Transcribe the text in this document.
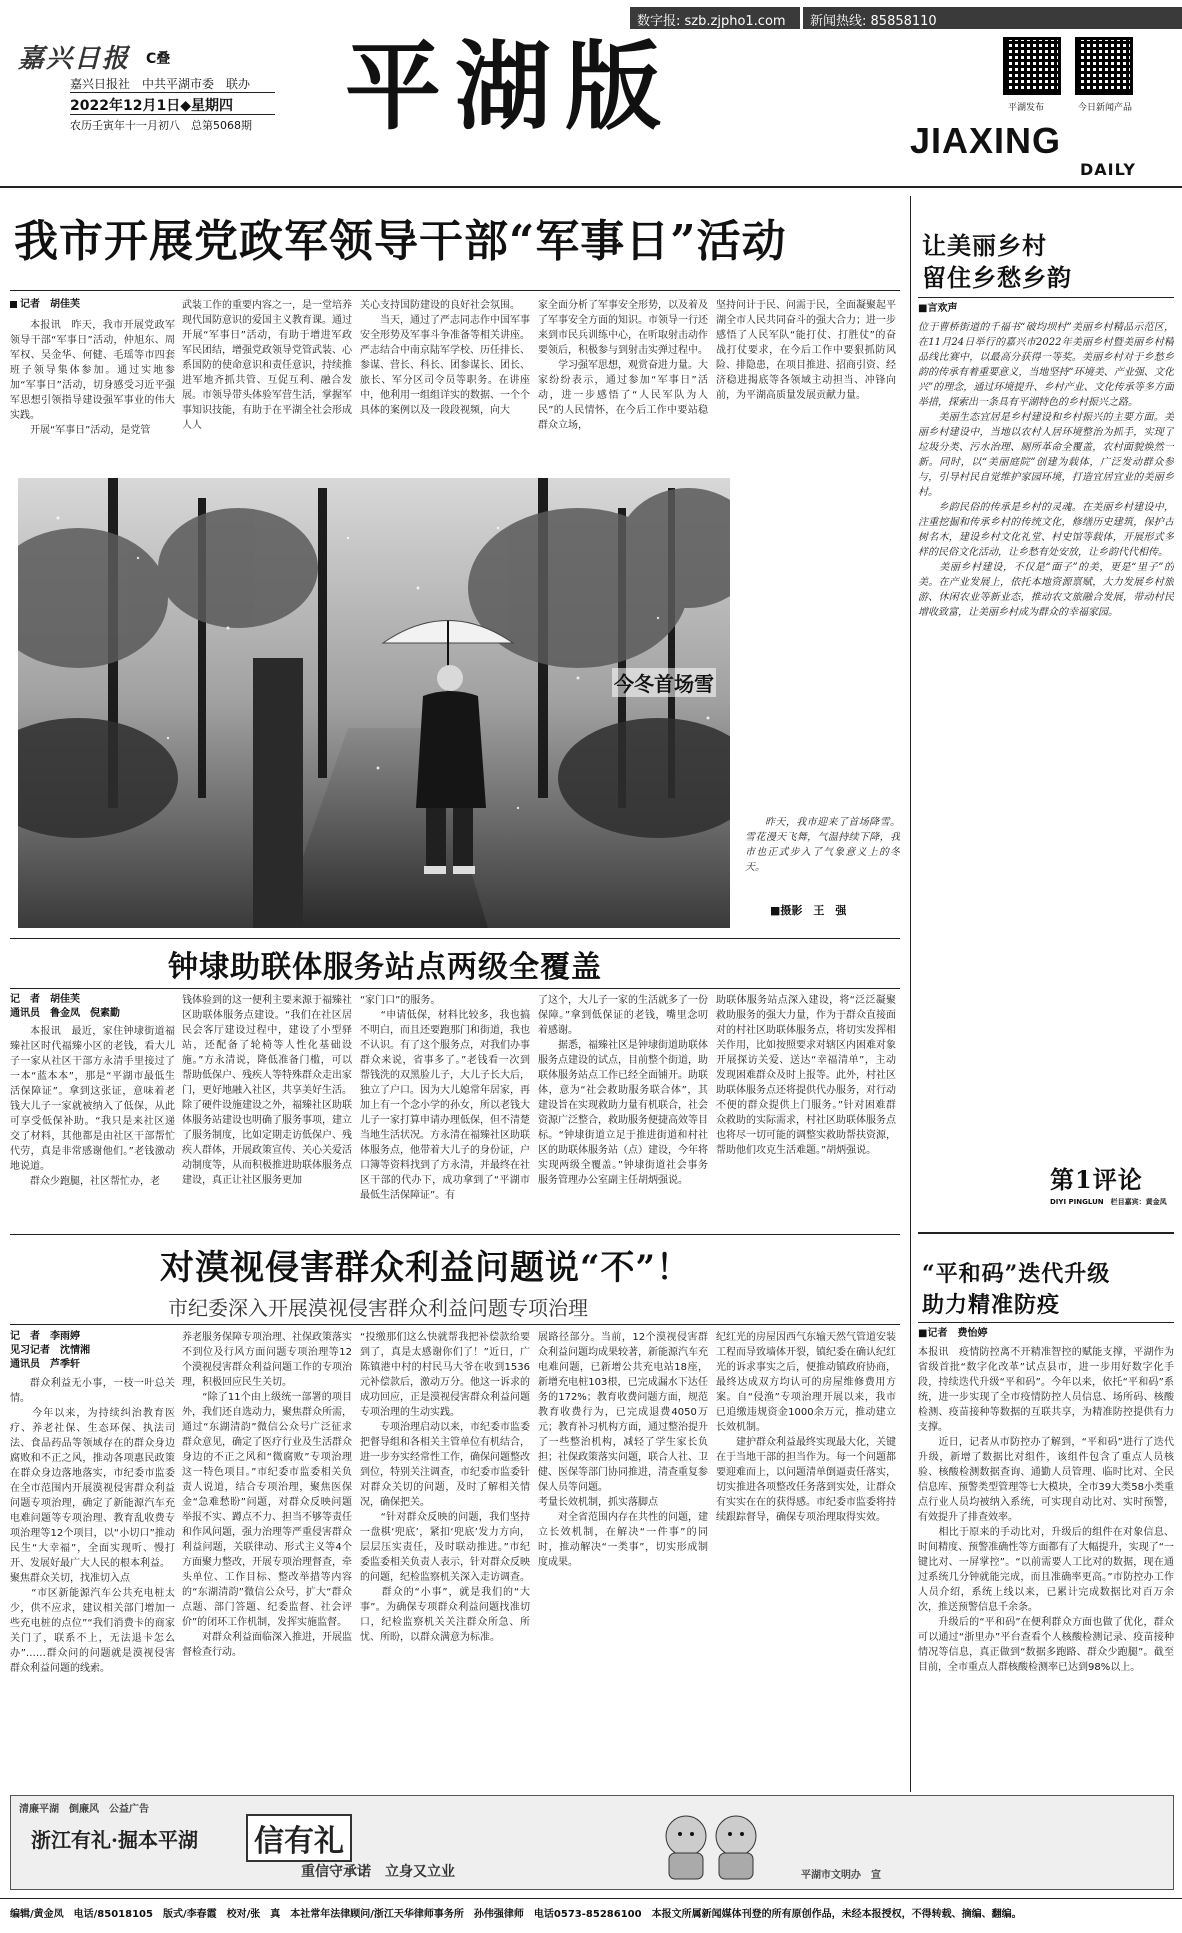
数字报: szb.zjpho1.com 新闻热线: 85858110
嘉兴日报 C叠
嘉兴日报社　中共平湖市委　联办
2022年12月1日◆星期四
农历壬寅年十一月初八　 总第5068期 平湖版	平湖发布	今日新闻产品
JIAXING
DAILY
我市开展党政军领导干部“军事日”活动
记者　胡佳芙
本报讯　昨天，我市开展党政军领导干部“军事日”活动，仲旭东、周军权、吴金华、何健、毛瑶等市四套班子领导集体参加。通过实地参加“军事日”活动，切身感受习近平强军思想引领指导建设强军事业的伟大实践。
　　开展“军事日”活动，是党管
武装工作的重要内容之一，是一堂培养现代国防意识的爱国主义教育课。通过开展“军事日”活动，有助于增进军政军民团结，增强党政领导党管武装、心系国防的使命意识和责任意识，持续推进军地齐抓共管、互促互利、融合发展。市领导带头体验军营生活，掌握军事知识技能，有助于在平湖全社会形成人人
关心支持国防建设的良好社会氛围。
　　当天，通过了严志同志作中国军事安全形势及军事斗争准备等相关讲座。严志结合中南京陆军学校、历任排长、参谋、营长、科长、团参谋长、团长、旅长、军分区司令员等职务。在讲座中，他利用一组组详实的数据、一个个具体的案例以及一段段视频，向大
家全面分析了军事安全形势，以及着及了军事安全方面的知识。市领导一行还来到市民兵训练中心，在听取射击动作要领后，积极参与到射击实弹过程中。
　　学习强军思想，观赏奋进力量。大家纷纷表示，通过参加“军事日”活动，进一步感悟了“人民军队为人民”的人民情怀，在今后工作中要站稳群众立场，
坚持问计于民、问需于民，全面凝聚起平湖全市人民共同奋斗的强大合力；进一步感悟了人民军队“能打仗、打胜仗”的奋战打仗要求，在今后工作中要狠抓防风险、排隐患，在项目推进、招商引资、经济稳进揭底等各领域主动担当、冲锋向前，为平湖高质量发展贡献力量。
今冬首场雪
昨天，我市迎来了首场降雪。雪花漫天飞舞，气温持续下降，我市也正式步入了气象意义上的冬天。
■摄影　王　强
钟埭助联体服务站点两级全覆盖
记　者　胡佳芙
通讯员　鲁金凤　倪素勤
本报讯　最近，家住钟埭街道福臻社区时代福臻小区的老钱，看大儿子一家从社区干部方永清手里接过了一本“蓝本本”，那是“平湖市最低生活保障证”。拿到这张证，意味着老钱大儿子一家就被纳入了低保，从此可享受低保补助。“我只是来社区递交了材料，其他都是由社区干部帮忙代劳，真是非常感谢他们。”老钱激动地说道。
　　群众少跑腿，社区帮忙办，老
钱体验到的这一便利主要来源于福臻社区助联体服务点建设。“我们在社区居民会客厅建设过程中，建设了小型驿站，还配备了轮椅等人性化基础设施。”方永清说，降低准备门槛，可以帮助低保户、残疾人等特殊群众走出家门，更好地融入社区，共享美好生活。除了硬件设施建设之外，福臻社区助联体服务站建设也明确了服务事项，建立了服务制度，比如定期走访低保户、残疾人群体，开展政策宣传、关心关爱活动制度等，从而积极推进助联体服务点建设，真正让社区服务更加
“家门口”的服务。
　　“申请低保，材料比较多，我也搞不明白，而且还要跑那门和街道，我也不认识。有了这个服务点，对我们办事群众来说，省事多了。”老钱看一次到帮钱洗的双黑脸儿子，大儿子长大后，独立了户口。因为大儿媳常年居家，再加上有一个念小学的孙女，所以老钱大儿子一家打算申请办理低保，但不清楚当地生活状况。方永清在福臻社区助联体服务点，他带着大儿子的身份证，户口簿等资料找到了方永清，并最终在社区干部的代办下，成功拿到了“平湖市最低生活保障证”。有
了这个，大儿子一家的生活就多了一份保障。”拿到低保证的老钱，嘴里念叨着感谢。
　　据悉，福臻社区是钟埭街道助联体服务点建设的试点，目前整个街道，助联体服务站点工作已经全面铺开。助联体，意为“社会救助服务联合体”，其建设旨在实现救助力量有机联合，社会资源广泛整合，救助服务便捷高效等目标。“钟埭街道立足于推进街道和村社区的助联体服务站（点）建设，今年将实现两级全覆盖。”钟埭街道社会事务服务管理办公室副主任胡炳强说。
助联体服务站点深入建设，将“泛泛凝聚救助服务的强大力量，作为于群众直接面对的村社区助联体服务点，将切实发挥相关作用，比如按照要求对辖区内困难对象开展探访关爱、送达“幸福清单”，主动发现困难群众及时上报等。此外，村社区助联体服务点还将提供代办服务，对行动不便的群众提供上门服务。”针对困难群众救助的实际需求，村社区助联体服务点也将尽一切可能的调整实救助帮扶资源，帮助他们攻克生活难题。”胡炳强说。
对漠视侵害群众利益问题说“不”！
市纪委深入开展漠视侵害群众利益问题专项治理
记　者　李雨婷
见习记者　沈情湘
通讯员　芦季轩
群众利益无小事，一枝一叶总关情。
　　今年以来，为持续纠治教育医疗、养老社保、生态环保、执法司法、食品药品等领域存在的群众身边腐败和不正之风，推动各项惠民政策在群众身边落地落实，市纪委市监委在全市范围内开展漠视侵害群众利益问题专项治理，确定了新能源汽车充电难问题等专项治理、教育乱收费专项治理等12个项目，以“小切口”推动民生“大幸福”，全面实现听、慢打开、发展好最广大人民的根本利益。
聚焦群众关切，找准切入点
　　“市区新能源汽车公共充电桩太少，供不应求，建议相关部门增加一些充电桩的点位”“我们消费卡的商家关门了，联系不上，无法退卡怎么办”……群众问的问题就是漠视侵害群众利益问题的线索。
养老服务保障专项治理、社保政策落实不到位及行风方面问题专项治理等12个漠视侵害群众利益问题工作的专项治理，积极回应民生关切。
　　“除了11个由上级统一部署的项目外，我们还自选动力，聚焦群众所需，通过“东湖清韵”微信公众号广泛征求群众意见，确定了医疗行业及生活群众身边的不正之风和“微腐败”专项治理这一特色项目。”市纪委市监委相关负责人说道，结合专项治理，聚焦医保金“急难愁盼”问题，对群众反映问题举报不实、蹲点不力、担当不够等责任和作风问题，强力治理等严重侵害群众利益问题，关联律动、形式主义等4个方面聚力整改，开展专项治理督查，牵头单位、工作目标、整改举措等内容的“东湖清韵”微信公众号，扩大“群众点题、部门答题、纪委监督、社会评价”的闭环工作机制，发挥实施监督。
　　对群众利益面临深入推进，开展监督检查行动。
“投缴那们这么快就帮我把补偿款给要到了，真是太感谢你们了！”近日，广陈镇港中村的村民马大爷在收到1536元补偿款后，激动万分。他这一诉求的成功回应，正是漠视侵害群众利益问题专项治理的生动实践。
　　专项治理启动以来，市纪委市监委把督导组和各相关主管单位有机结合，进一步夯实经常性工作，确保问题整改到位，特别关注调查，市纪委市监委针对群众关切的问题，及时了解相关情况，确保把关。
　　“针对群众反映的问题，我们坚持一盘棋‘兜底’，紧扣‘兜底’发力方向，层层压实责任，及时联动推进。”市纪委监委相关负责人表示，针对群众反映的问题，纪检监察机关深入走访调查。
　　群众的“小事”，就是我们的“大事”。为确保专项群众利益问题找准切口，纪检监察机关关注群众所急、所忧、所盼，以群众满意为标准。
展路径部分。当前，12个漠视侵害群众利益问题均成果较著，新能源汽车充电难问题，已新增公共充电站18座，新增充电桩103根，已完成漏水下达任务的172%；教育收费问题方面，规范教育收费行为，已完成退费4050万元；教育补习机构方面，通过整治提升了一些整治机构，减轻了学生家长负担；社保政策落实问题，联合人社、卫健、医保等部门协同推进，清查重复参保人员等问题。
考量长效机制，抓实落脚点
　　对全省范围内存在共性的问题，建立长效机制，在解决“一件事”的同时，推动解决“一类事”，切实形成制度成果。
纪红光的房屋因西气东输天然气管道安装工程而导致墙体开裂，镇纪委在确认纪红光的诉求事实之后，便推动镇政府协商，最终达成双方均认可的房屋维修费用方案。自“侵渔”专项治理开展以来，我市已追缴违规资金1000余万元，推动建立长效机制。
　　建护群众利益最终实现最大化，关键在于当地干部的担当作为。每一个问题都要迎难而上，以问题清单倒逼责任落实，切实推进各项整改任务落到实处，让群众有实实在在的获得感。市纪委市监委将持续跟踪督导，确保专项治理取得实效。
让美丽乡村
留住乡愁乡韵
■言欢声
位于曹桥街道的千福书“破均坝村”美丽乡村精品示范区，在11月24日举行的嘉兴市2022年美丽乡村暨美丽乡村精品线比赛中，以最高分获得一等奖。美丽乡村对于乡愁乡韵的传承有着重要意义，当地坚持“环境美、产业强、文化兴”的理念，通过环境提升、乡村产业、文化传承等多方面举措，探索出一条具有平湖特色的乡村振兴之路。
　　美丽生态宜居是乡村建设和乡村振兴的主要方面。美丽乡村建设中，当地以农村人居环境整治为抓手，实现了垃圾分类、污水治理、厕所革命全覆盖，农村面貌焕然一新。同时，以“美丽庭院”创建为载体，广泛发动群众参与，引导村民自觉维护家园环境，打造宜居宜业的美丽乡村。
　　乡韵民俗的传承是乡村的灵魂。在美丽乡村建设中，注重挖掘和传承乡村的传统文化，修缮历史建筑，保护古树名木，建设乡村文化礼堂、村史馆等载体，开展形式多样的民俗文化活动，让乡愁有处安放，让乡韵代代相传。
　　美丽乡村建设，不仅是“面子”的美，更是“里子”的美。在产业发展上，依托本地资源禀赋，大力发展乡村旅游、休闲农业等新业态，推动农文旅融合发展，带动村民增收致富，让美丽乡村成为群众的幸福家园。
第1评论
DIYI PINGLUN　栏目嘉宾：黄金凤
“平和码”迭代升级
助力精准防疫
■记者　费怡婷
本报讯　疫情防控离不开精准智控的赋能支撑，平湖作为省级首批“数字化改革”试点县市，进一步用好数字化手段，持续迭代升级“平和码”。今年以来，依托“平和码”系统，进一步实现了全市疫情防控人员信息、场所码、核酸检测、疫苗接种等数据的互联共享，为精准防控提供有力支撑。
　　近日，记者从市防控办了解到，“平和码”进行了迭代升级，新增了数据比对组件，该组件包含了重点人员核验、核酸检测数据查询、通勤人员管理、临时比对、全民信息库、预警类型管理等七大模块，全市39大类58小类重点行业人员均被纳入系统，可实现自动比对、实时预警，有效提升了排查效率。
　　相比于原来的手动比对，升级后的组件在对象信息、时间精度、预警准确性等方面都有了大幅提升，实现了“一键比对、一屏掌控”。“以前需要人工比对的数据，现在通过系统几分钟就能完成，而且准确率更高。”市防控办工作人员介绍，系统上线以来，已累计完成数据比对百万余次，推送预警信息千余条。
　　升级后的“平和码”在便利群众方面也做了优化，群众可以通过“浙里办”平台查看个人核酸检测记录、疫苗接种情况等信息，真正做到“数据多跑路、群众少跑腿”。截至目前，全市重点人群核酸检测率已达到98%以上。
清廉平湖　倒廉风　公益广告
浙江有礼·掘本平湖 信有礼
重信守承诺　立身又立业	平湖市文明办　宣
编辑/黄金凤　电话/85018105　版式/李春霞　校对/张　真　本社常年法律顾问/浙江天华律师事务所　孙伟强律师　电话0573-85286100　本报文所属新闻媒体刊登的所有原创作品，未经本报授权，不得转载、摘编、翻编。
